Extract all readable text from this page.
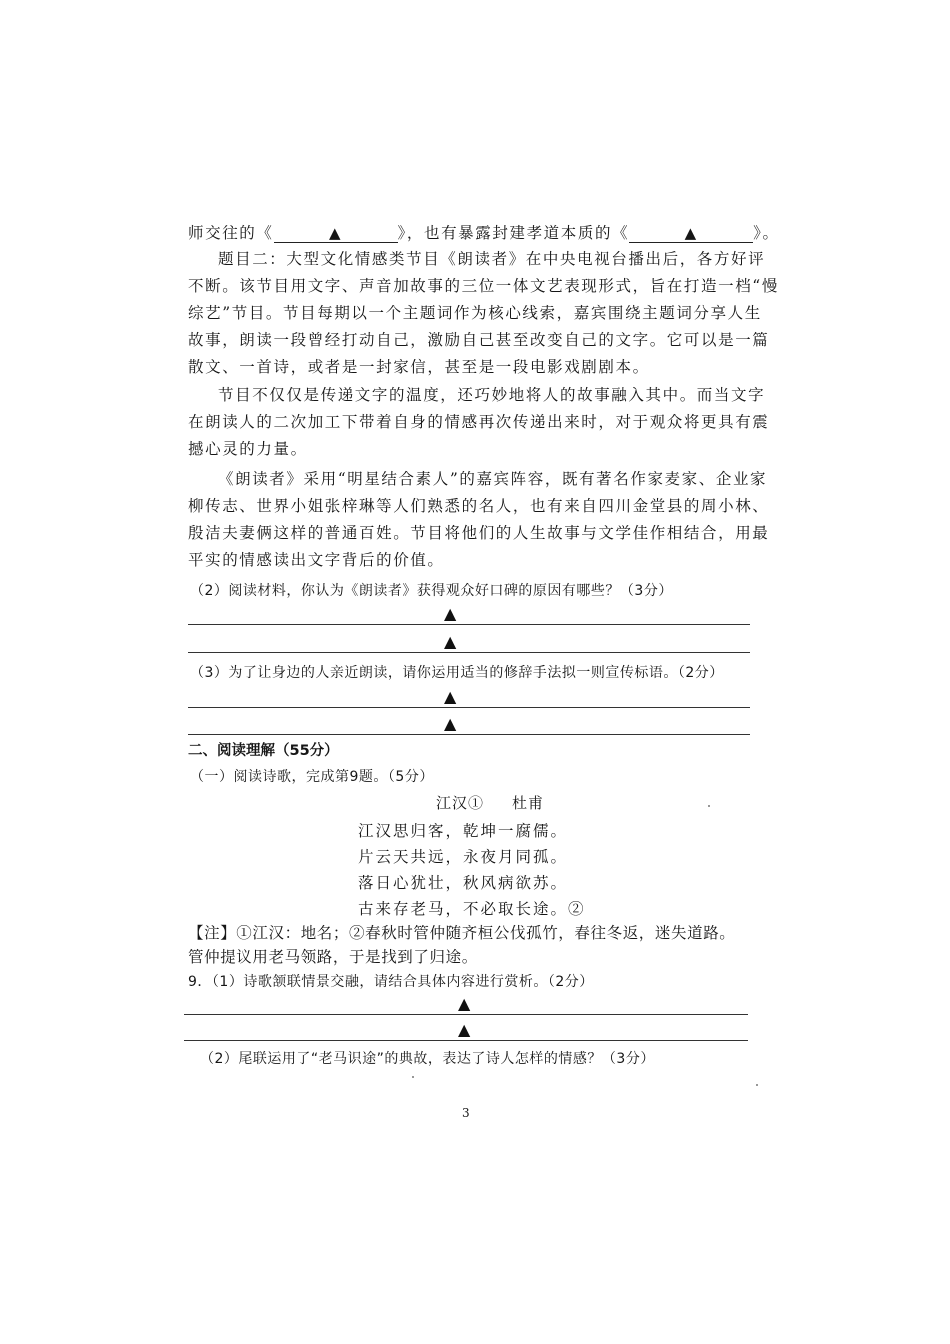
师交往的《	▲	》，也有暴露封建孝道本质的《	▲	》。
题目二：大型文化情感类节目《朗读者》在中央电视台播出后，各方好评
不断。该节目用文字、声音加故事的三位一体文艺表现形式，旨在打造一档“慢
综艺”节目。节目每期以一个主题词作为核心线索，嘉宾围绕主题词分享人生
故事，朗读一段曾经打动自己，激励自己甚至改变自己的文字。它可以是一篇
散文、一首诗，或者是一封家信，甚至是一段电影戏剧剧本。
节目不仅仅是传递文字的温度，还巧妙地将人的故事融入其中。而当文字
在朗读人的二次加工下带着自身的情感再次传递出来时，对于观众将更具有震
撼心灵的力量。
《朗读者》采用“明星结合素人”的嘉宾阵容，既有著名作家麦家、企业家
柳传志、世界小姐张梓琳等人们熟悉的名人，也有来自四川金堂县的周小林、
殷洁夫妻俩这样的普通百姓。节目将他们的人生故事与文学佳作相结合，用最
平实的情感读出文字背后的价值。
（2）阅读材料，你认为《朗读者》获得观众好口碑的原因有哪些？（3分）
▲
▲
（3）为了让身边的人亲近朗读，请你运用适当的修辞手法拟一则宣传标语。（2分）
▲
▲
二、阅读理解（55分）
（一）阅读诗歌，完成第9题。（5分）
江汉① 杜甫
江汉思归客，乾坤一腐儒。
片云天共远，永夜月同孤。
落日心犹壮，秋风病欲苏。
古来存老马，不必取长途。②
【注】①江汉：地名；②春秋时管仲随齐桓公伐孤竹，春往冬返，迷失道路。
管仲提议用老马领路，于是找到了归途。
9．（1）诗歌颔联情景交融，请结合具体内容进行赏析。（2分）
▲
▲
（2）尾联运用了“老马识途”的典故，表达了诗人怎样的情感？（3分）
3
